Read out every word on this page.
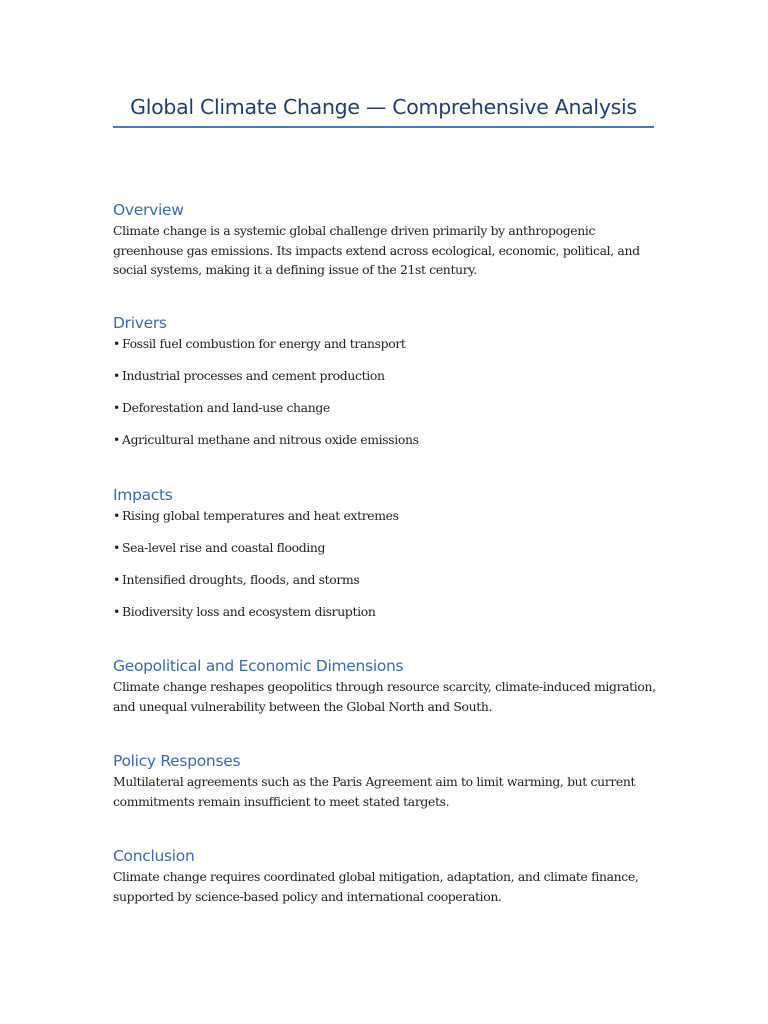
Global Climate Change — Comprehensive Analysis
Overview

Climate change is a systemic global challenge driven primarily by anthropogenic greenhouse gas emissions. Its impacts extend across ecological, economic, political, and social systems, making it a defining issue of the 21st century.

Drivers
• Fossil fuel combustion for energy and transport
• Industrial processes and cement production
• Deforestation and land-use change
• Agricultural methane and nitrous oxide emissions
Impacts
• Rising global temperatures and heat extremes
• Sea-level rise and coastal flooding
• Intensified droughts, floods, and storms
• Biodiversity loss and ecosystem disruption
Geopolitical and Economic Dimensions

Climate change reshapes geopolitics through resource scarcity, climate-induced migration, and unequal vulnerability between the Global North and South.

Policy Responses

Multilateral agreements such as the Paris Agreement aim to limit warming, but current commitments remain insufficient to meet stated targets.

Conclusion

Climate change requires coordinated global mitigation, adaptation, and climate finance, supported by science-based policy and international cooperation.
